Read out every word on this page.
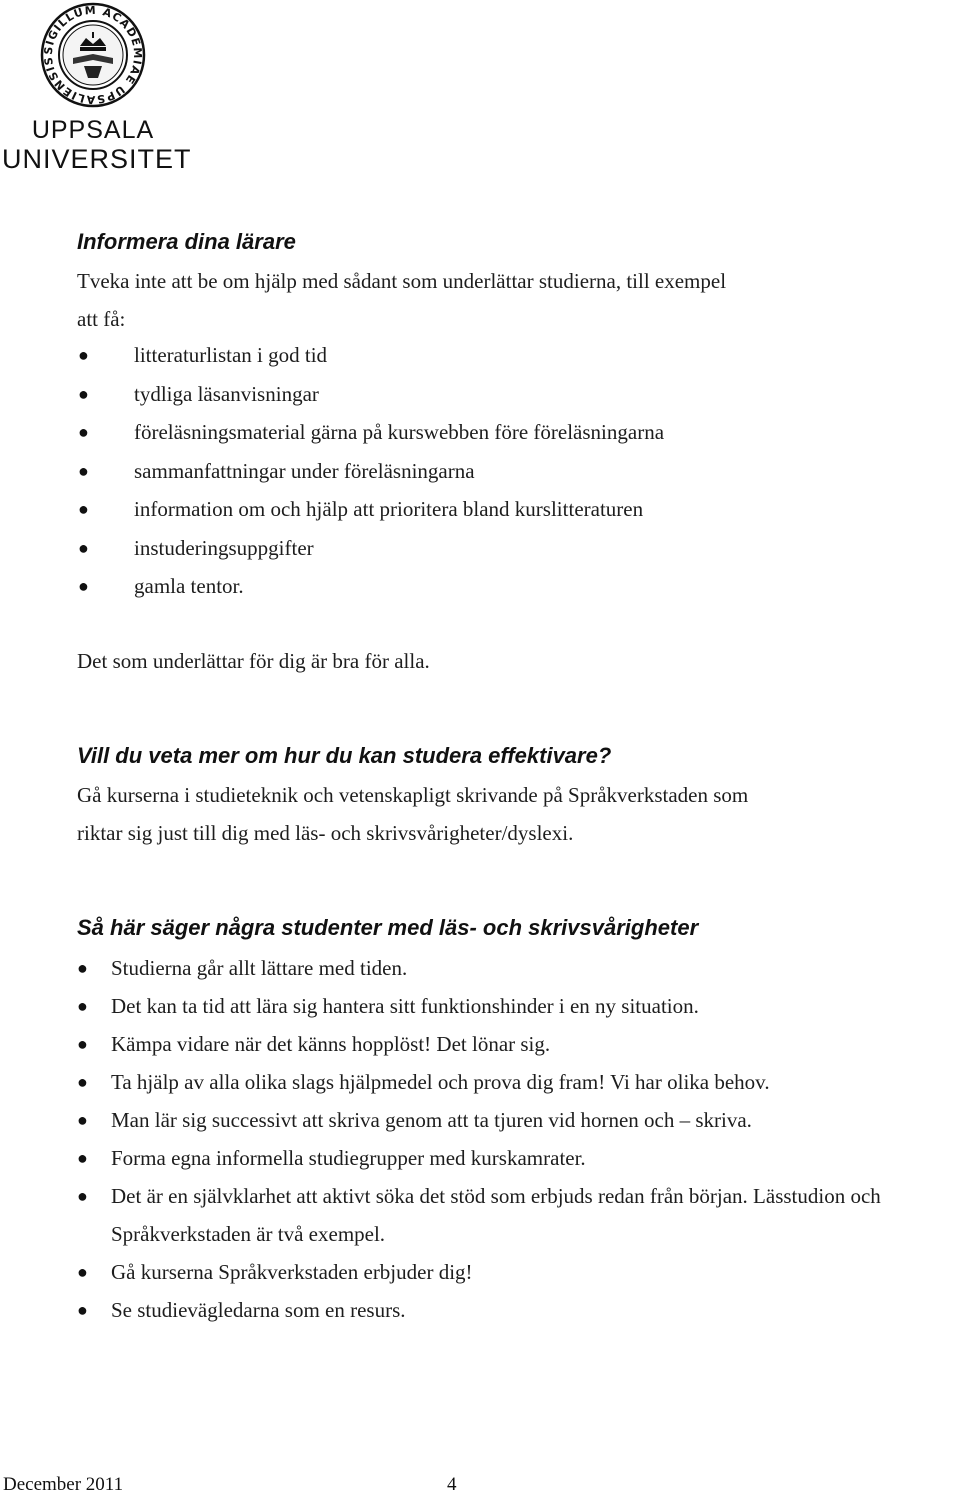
SIGILLUM ACADEMIAE UPSALIENSIS
UPPSALA
UNIVERSITET
Informera dina lärare

Tveka inte att be om hjälp med sådant som underlättar studierna, till exempel

att få:

● litteraturlistan i god tid
● tydliga läsanvisningar
● föreläsningsmaterial gärna på kurswebben före föreläsningarna
● sammanfattningar under föreläsningarna
● information om och hjälp att prioritera bland kurslitteraturen
● instuderingsuppgifter
● gamla tentor.

Det som underlättar för dig är bra för alla.

Vill du veta mer om hur du kan studera effektivare?

Gå kurserna i studieteknik och vetenskapligt skrivande på Språkverkstaden som

riktar sig just till dig med läs- och skrivsvårigheter/dyslexi.

Så här säger några studenter med läs- och skrivsvårigheter
● Studierna går allt lättare med tiden.
● Det kan ta tid att lära sig hantera sitt funktionshinder i en ny situation.
● Kämpa vidare när det känns hopplöst! Det lönar sig.
● Ta hjälp av alla olika slags hjälpmedel och prova dig fram! Vi har olika behov.
● Man lär sig successivt att skriva genom att ta tjuren vid hornen och – skriva.
● Forma egna informella studiegrupper med kurskamrater.
● Det är en självklarhet att aktivt söka det stöd som erbjuds redan från början. Lässtudion och Språkverkstaden är två exempel.
● Gå kurserna Språkverkstaden erbjuder dig!
● Se studievägledarna som en resurs.
December 2011	4
